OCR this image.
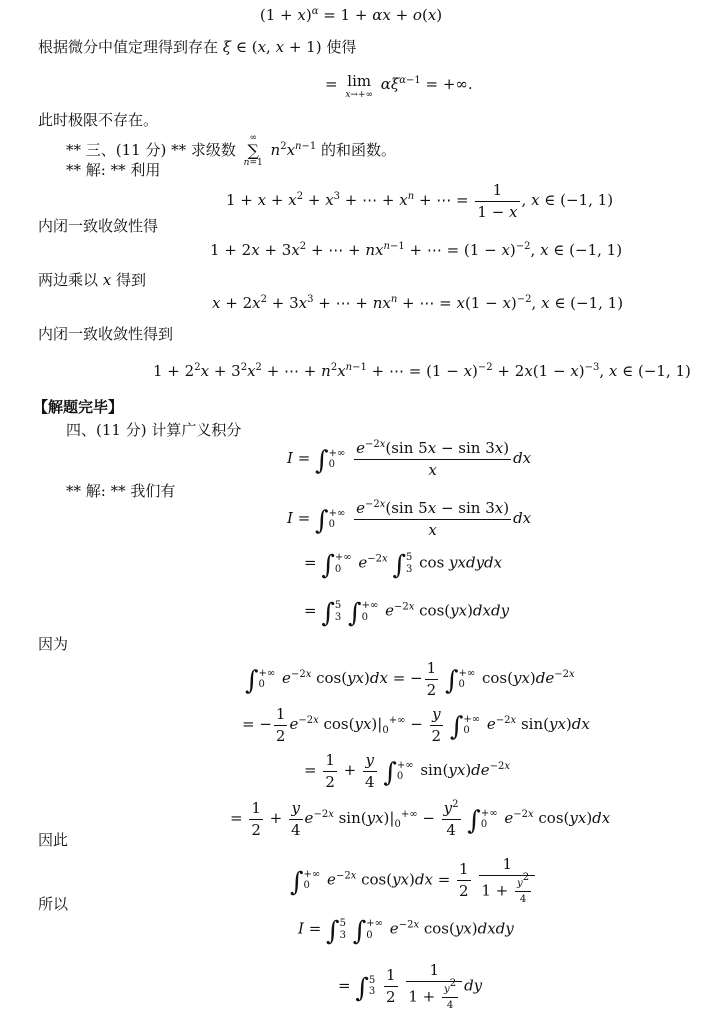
$(1 + x)^\alpha = 1 + \alpha x + o(x)$
根据微分中值定理得到存在 ξ ∈ (x, x + 1) 使得
= lim
x→+∞
$\alpha\xi^{\alpha-1}$ = +∞.
此时极限不存在。
** 三、(11 分) ** 求级数
∞
∑
n=1
$n^2x^{n-1}$ 的和函数。
** 解: ** 利用
$1 + x + x^2 + x^3$ + ⋯ + $x^n$ + ⋯ = $\frac{1}{1 - x}$ , x ∈ (−1, 1)
内闭一致收敛性得
$1 + 2x + 3x^2$ + ⋯ + $nx^{n-1}$ + ⋯ = $(1 - x)^{-2}$, x ∈ (−1, 1)
两边乘以 x 得到
$x + 2x^2 + 3x^3$ + ⋯ + $nx^n$ + ⋯ = $x(1 - x)^{-2}$, x ∈ (−1, 1)
内闭一致收敛性得到
$1 + 2^2x + 3^2x^2$ + ⋯ + $n^2x^{n-1}$ + ⋯ = $(1 - x)^{-2} + 2x(1 - x)^{-3}$, x ∈ (−1, 1)
【解题完毕】
四、(11 分) 计算广义积分
I = ∫ +∞
0
	$\frac{e^{-2x}(\sin 5x - \sin 3x)}{x}$ dx
** 解: ** 我们有
I = ∫ +∞
0
	$\frac{e^{-2x}(\sin 5x - \sin 3x)}{x}$ dx
= ∫ +∞
0	$e^{-2x}$ ∫ 5
3 cos yxdydx
= ∫ 5
3 ∫ +∞
0	$e^{-2x}$ cos(yx)dxdy
因为
∫ +∞
0	$e^{-2x}$ cos(yx)dx = − $\frac{1}{2}$ ∫ +∞
0 $\cos(yx)de^{-2x}$
= − $\frac{1}{2} e^{-2x}$ $\cos(yx)|_0^{+\infty} - \frac{y}{2}$ ∫ +∞
0	$e^{-2x}$ sin(yx)dx
= $\frac{1}{2} + \frac{y}{4}$ ∫ +∞
0 $\sin(yx)de^{-2x}$
= $\frac{1}{2} + \frac{y}{4} e^{-2x}$ $\sin(yx)|_0^{+\infty} - \frac{y^2}{4}$ ∫ +∞
0	$e^{-2x}$ cos(yx)dx
因此
∫ +∞
0	$e^{-2x}$ $\cos(yx)dx = \frac{1}{2}$
$\frac{1}{1 + \frac{y^2}{4}}$
所以
I = ∫ 5
3 ∫ +∞
0	$e^{-2x}$ cos(yx)dxdy
= ∫ 5
3
$\frac{1}{2}$
$\frac{1}{1 + \frac{y^2}{4}}$ dy
